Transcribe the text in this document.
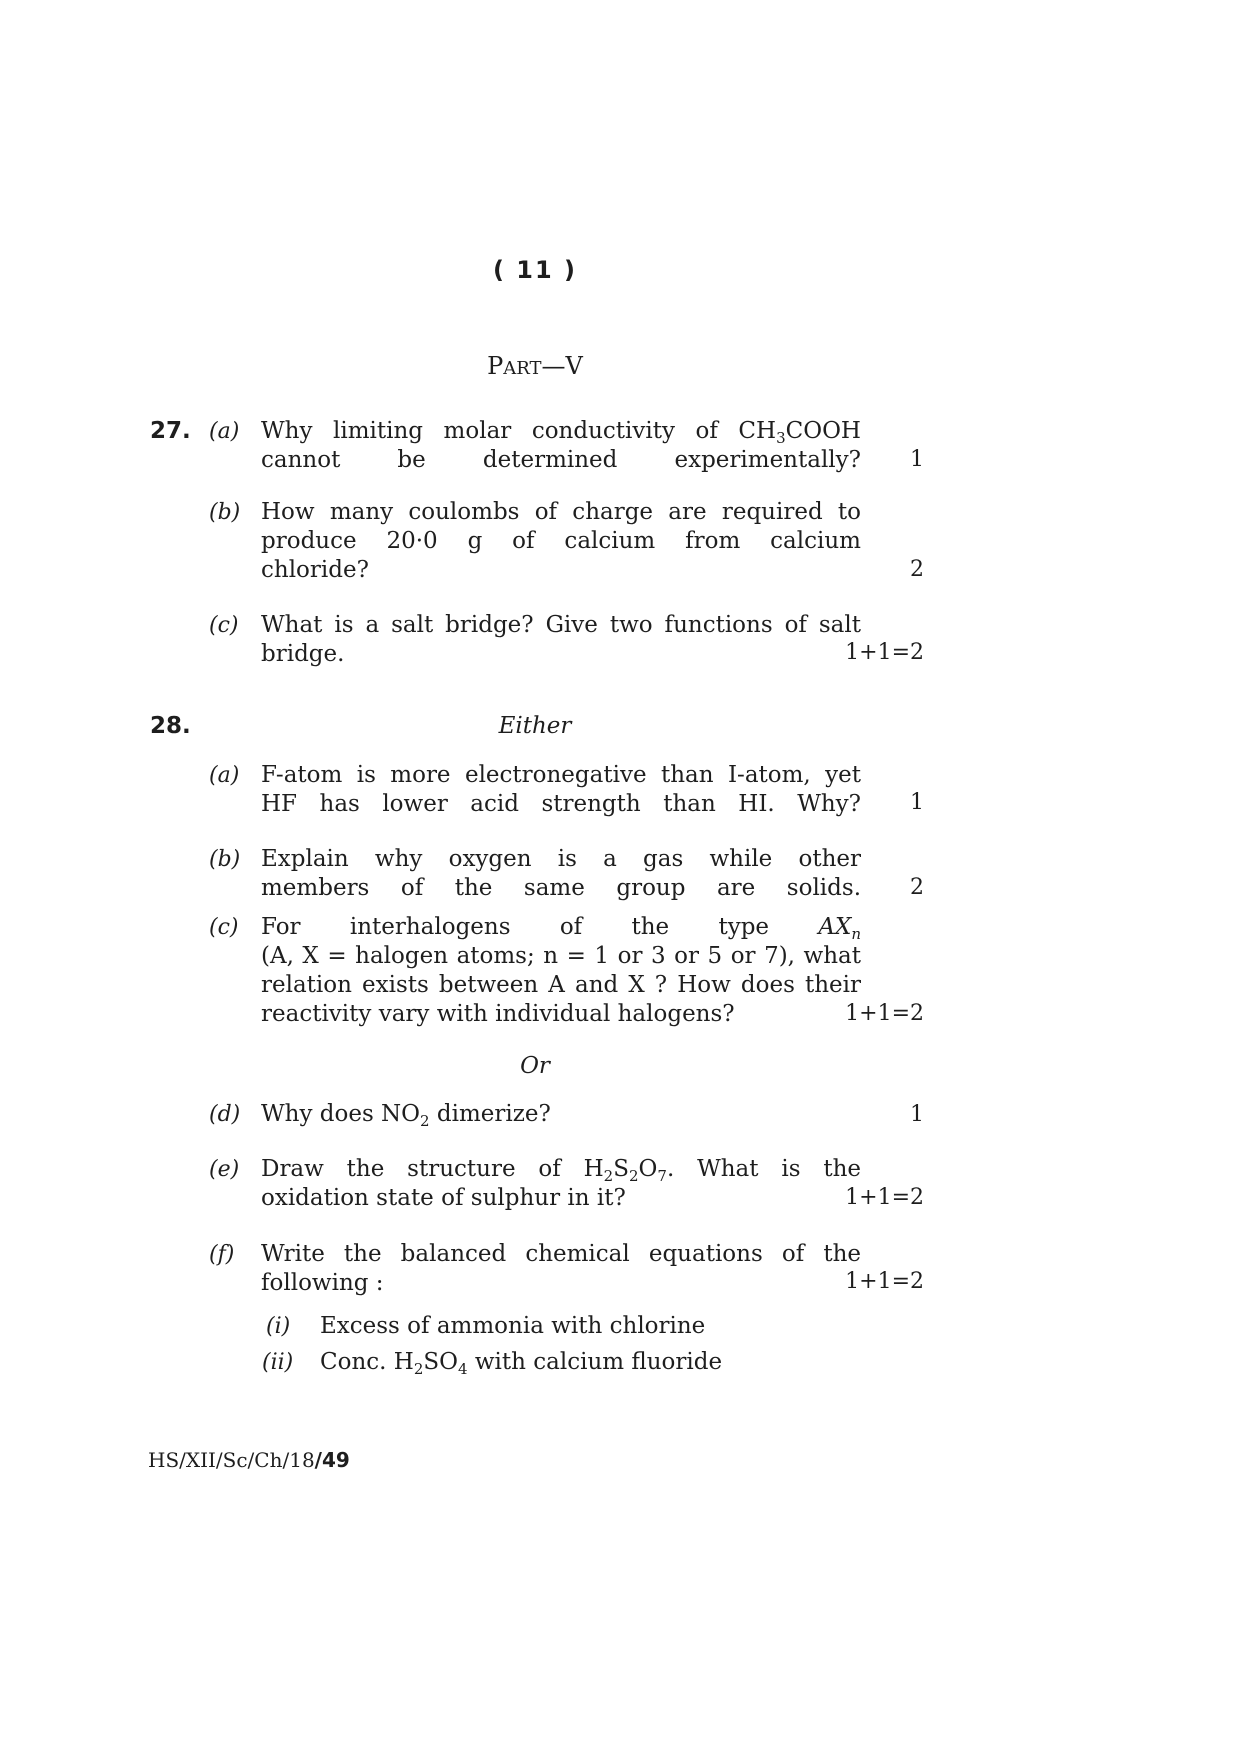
( 11 )
PART—V
27. (a) Why limiting molar conductivity of $CH_3COOH$
cannot be determined experimentally? 1
(b) How many coulombs of charge are required to
produce 20·0 g of calcium from calcium
chloride?	2
(c) What is a salt bridge? Give two functions of salt
bridge.	1+1=2
28.	Either
(a) F-atom is more electronegative than I-atom, yet
HF has lower acid strength than HI. Why? 1
(b) Explain why oxygen is a gas while other
members of the same group are solids. 2
(c) For interhalogens of the type $AX_n$
(A, X = halogen atoms; n = 1 or 3 or 5 or 7), what
relation exists between A and X ? How does their
reactivity vary with individual halogens?	1+1=2
Or
(d) Why does $NO_2$ dimerize?	1
(e) Draw the structure of $H_2S_2O_7$. What is the
oxidation state of sulphur in it?	1+1=2
(f) Write the balanced chemical equations of the
following :	1+1=2
(i) Excess of ammonia with chlorine
(ii) Conc. $H_2SO_4$ with calcium fluoride
HS/XII/Sc/Ch/18/49
